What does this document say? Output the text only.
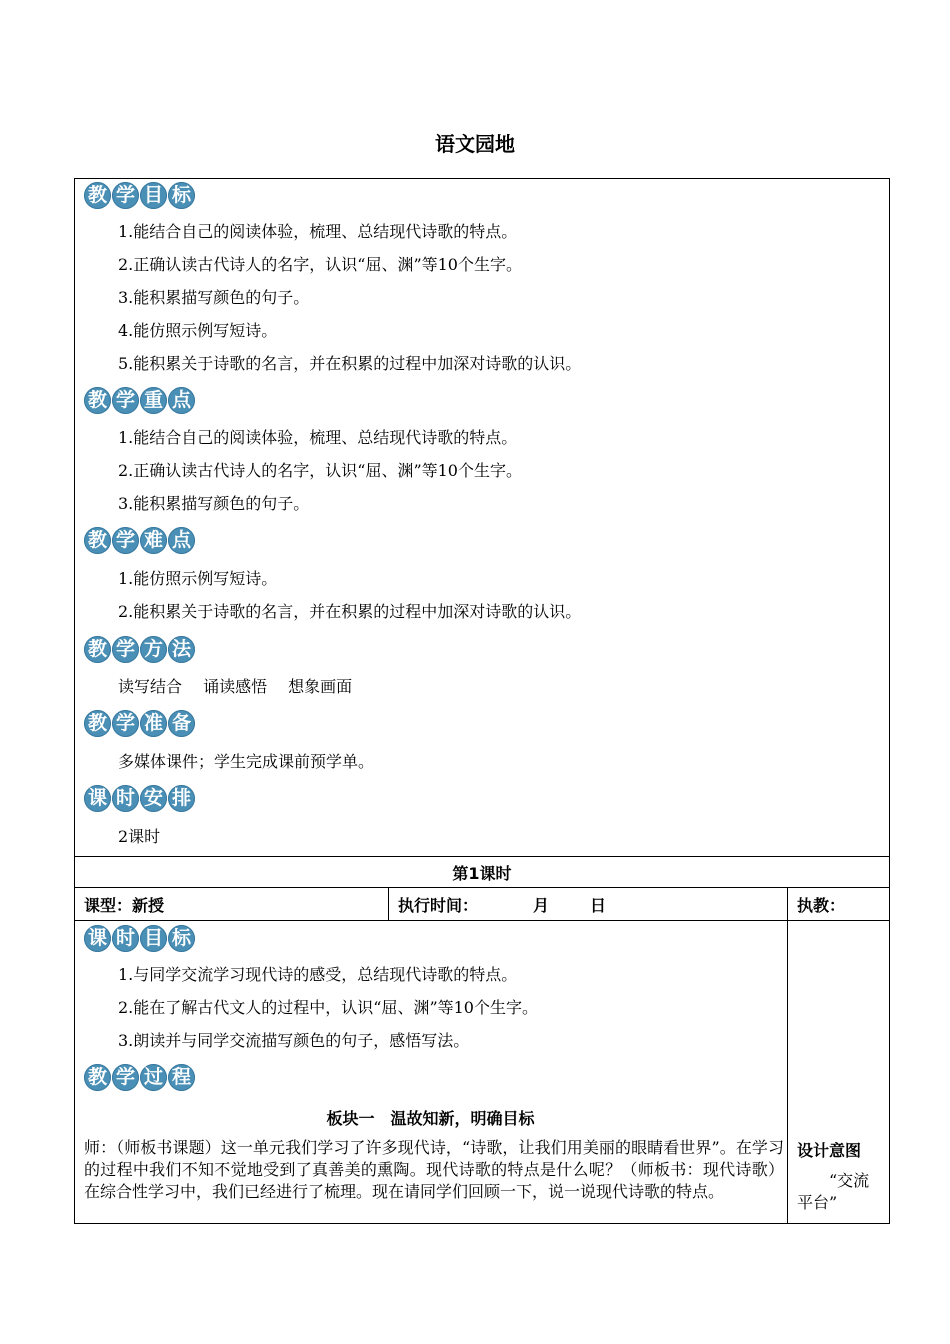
语文园地
教 学 目 标
1.能结合自己的阅读体验，梳理、总结现代诗歌的特点。
2.正确认读古代诗人的名字，认识“屈、渊”等10个生字。
3.能积累描写颜色的句子。
4.能仿照示例写短诗。
5.能积累关于诗歌的名言，并在积累的过程中加深对诗歌的认识。
教 学 重 点
1.能结合自己的阅读体验，梳理、总结现代诗歌的特点。
2.正确认读古代诗人的名字，认识“屈、渊”等10个生字。
3.能积累描写颜色的句子。
教 学 难 点
1.能仿照示例写短诗。
2.能积累关于诗歌的名言，并在积累的过程中加深对诗歌的认识。
教 学 方 法
读写结合　 诵读感悟　 想象画面
教 学 准 备
多媒体课件；学生完成课前预学单。
课 时 安 排
2课时
第1课时
课型：新授	执行时间：	月	日	执教：
课 时 目 标
1.与同学交流学习现代诗的感受，总结现代诗歌的特点。
2.能在了解古代文人的过程中，认识“屈、渊”等10个生字。
3.朗读并与同学交流描写颜色的句子，感悟写法。
教 学 过 程
板块一　温故知新，明确目标
师：（师板书课题）这一单元我们学习了许多现代诗，“诗歌，让我们用美丽的眼睛看世界”。在学习的过程中我们不知不觉地受到了真善美的熏陶。现代诗歌的特点是什么呢？（师板书：现代诗歌）在综合性学习中，我们已经进行了梳理。现在请同学们回顾一下，说一说现代诗歌的特点。
设计意图
“交流平台”
